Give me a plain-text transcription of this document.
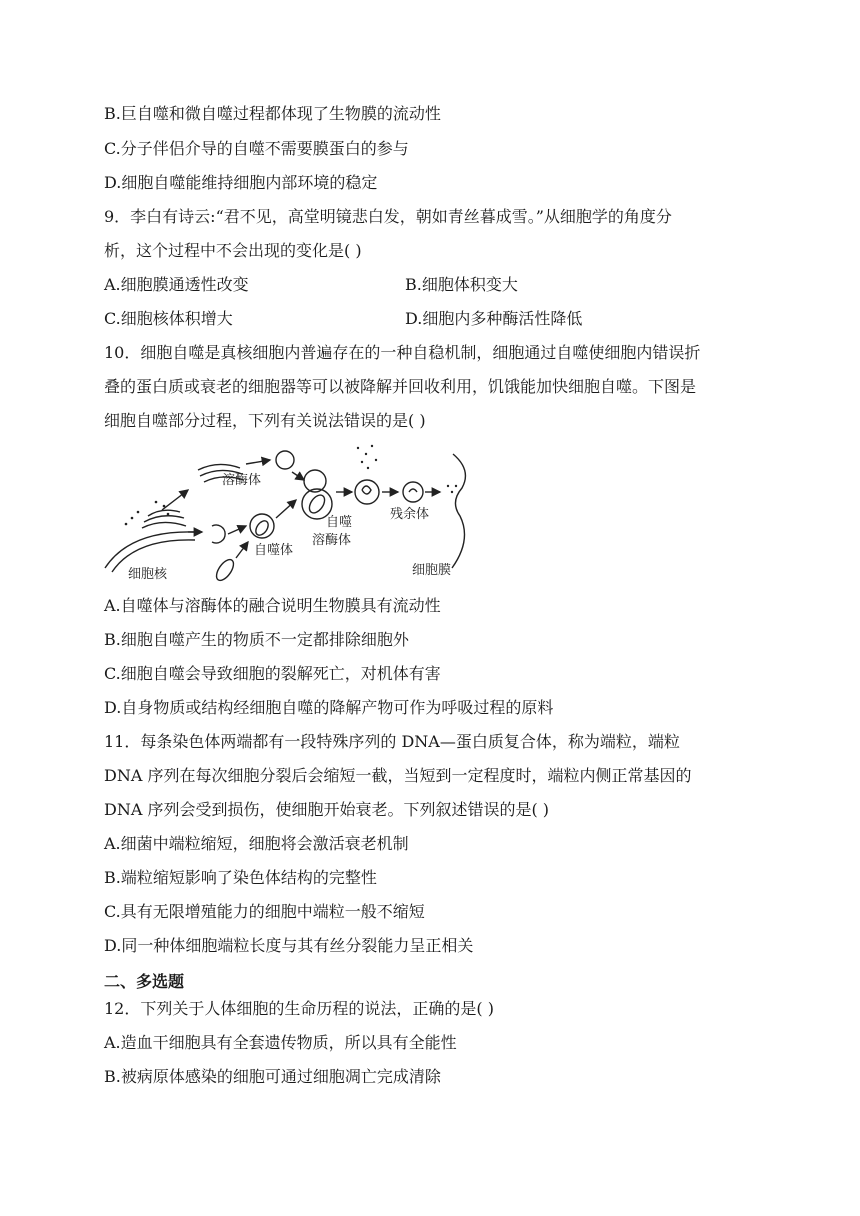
B.巨自噬和微自噬过程都体现了生物膜的流动性
C.分子伴侣介导的自噬不需要膜蛋白的参与
D.细胞自噬能维持细胞内部环境的稳定
9．李白有诗云:“君不见，高堂明镜悲白发，朝如青丝暮成雪。”从细胞学的角度分
析，这个过程中不会出现的变化是( )
A.细胞膜通透性改变	B.细胞体积变大
C.细胞核体积增大	D.细胞内多种酶活性降低
10．细胞自噬是真核细胞内普遍存在的一种自稳机制，细胞通过自噬使细胞内错误折
叠的蛋白质或衰老的细胞器等可以被降解并回收利用，饥饿能加快细胞自噬。下图是
细胞自噬部分过程，下列有关说法错误的是( )
溶酶体
自噬
溶酶体
残余体
细胞核
自噬体
细胞膜
A.自噬体与溶酶体的融合说明生物膜具有流动性
B.细胞自噬产生的物质不一定都排除细胞外
C.细胞自噬会导致细胞的裂解死亡，对机体有害
D.自身物质或结构经细胞自噬的降解产物可作为呼吸过程的原料
11．每条染色体两端都有一段特殊序列的 DNA—蛋白质复合体，称为端粒，端粒
DNA 序列在每次细胞分裂后会缩短一截，当短到一定程度时，端粒内侧正常基因的
DNA 序列会受到损伤，使细胞开始衰老。下列叙述错误的是( )
A.细菌中端粒缩短，细胞将会激活衰老机制
B.端粒缩短影响了染色体结构的完整性
C.具有无限增殖能力的细胞中端粒一般不缩短
D.同一种体细胞端粒长度与其有丝分裂能力呈正相关
二、多选题
12．下列关于人体细胞的生命历程的说法，正确的是( )
A.造血干细胞具有全套遗传物质，所以具有全能性
B.被病原体感染的细胞可通过细胞凋亡完成清除
